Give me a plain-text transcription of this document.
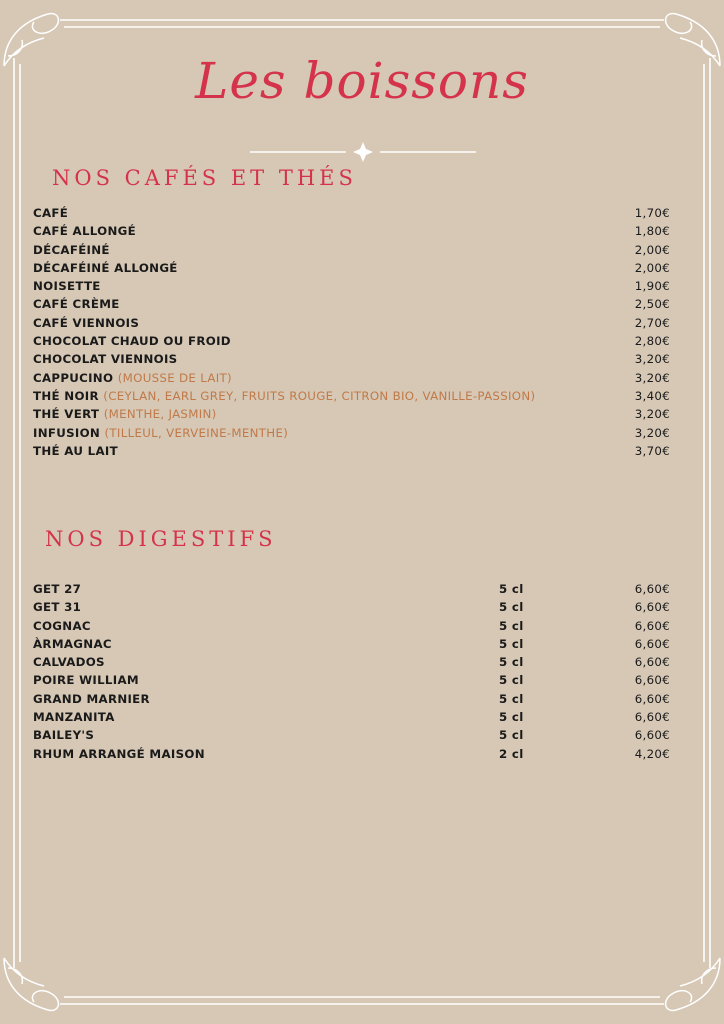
Les boissons
NOS CAFÉS ET THÉS
CAFÉ	1,70€
CAFÉ ALLONGÉ	1,80€
DÉCAFÉINÉ	2,00€
DÉCAFÉINÉ ALLONGÉ	2,00€
NOISETTE	1,90€
CAFÉ CRÈME	2,50€
CAFÉ VIENNOIS	2,70€
CHOCOLAT CHAUD OU FROID	2,80€
CHOCOLAT VIENNOIS	3,20€
CAPPUCINO (MOUSSE DE LAIT)	3,20€
THÉ NOIR (CEYLAN, EARL GREY, FRUITS ROUGE, CITRON BIO, VANILLE-PASSION)	3,40€
THÉ VERT (MENTHE, JASMIN)	3,20€
INFUSION (TILLEUL, VERVEINE-MENTHE)	3,20€
THÉ AU LAIT	3,70€
NOS DIGESTIFS
GET 27	5 cl	6,60€
GET 31	5 cl	6,60€
COGNAC	5 cl	6,60€
ÀRMAGNAC	5 cl	6,60€
CALVADOS	5 cl	6,60€
POIRE WILLIAM	5 cl	6,60€
GRAND MARNIER	5 cl	6,60€
MANZANITA	5 cl	6,60€
BAILEY'S	5 cl	6,60€
RHUM ARRANGÉ MAISON	2 cl	4,20€
